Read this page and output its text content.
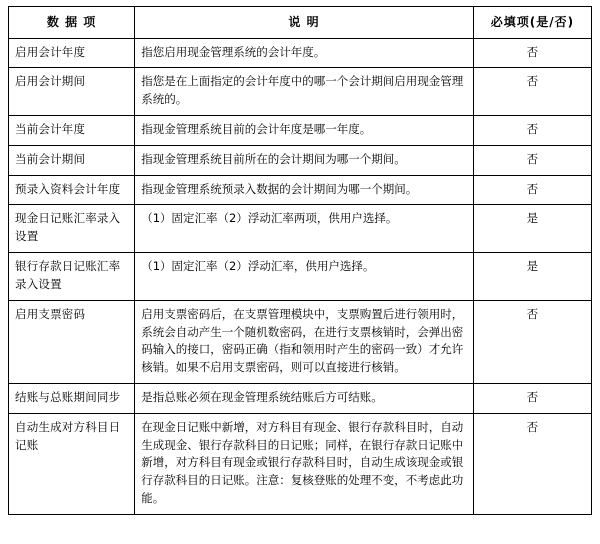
数 据 项	说 明	必填项(是/否)
启用会计年度	指您启用现金管理系统的会计年度。	否
启用会计期间	指您是在上面指定的会计年度中的哪一个会计期间启用现金管理系统的。	否
当前会计年度	指现金管理系统目前的会计年度是哪一年度。	否
当前会计期间	指现金管理系统目前所在的会计期间为哪一个期间。	否
预录入资料会计年度	指现金管理系统预录入数据的会计期间为哪一个期间。	否
现金日记账汇率录入设置	（1）固定汇率（2）浮动汇率两项，供用户选择。	是
银行存款日记账汇率录入设置	（1）固定汇率（2）浮动汇率，供用户选择。	是
启用支票密码	启用支票密码后，在支票管理模块中，支票购置后进行领用时，系统会自动产生一个随机数密码，在进行支票核销时，会弹出密码输入的接口，密码正确（指和领用时产生的密码一致）才允许核销。如果不启用支票密码，则可以直接进行核销。	否
结账与总账期间同步	是指总账必须在现金管理系统结账后方可结账。	否
自动生成对方科目日记账	在现金日记账中新增，对方科目有现金、银行存款科目时，自动生成现金、银行存款科目的日记账；同样，在银行存款日记账中新增，对方科目有现金或银行存款科目时，自动生成该现金或银行存款科目的日记账。注意：复核登账的处理不变，不考虑此功能。	否
